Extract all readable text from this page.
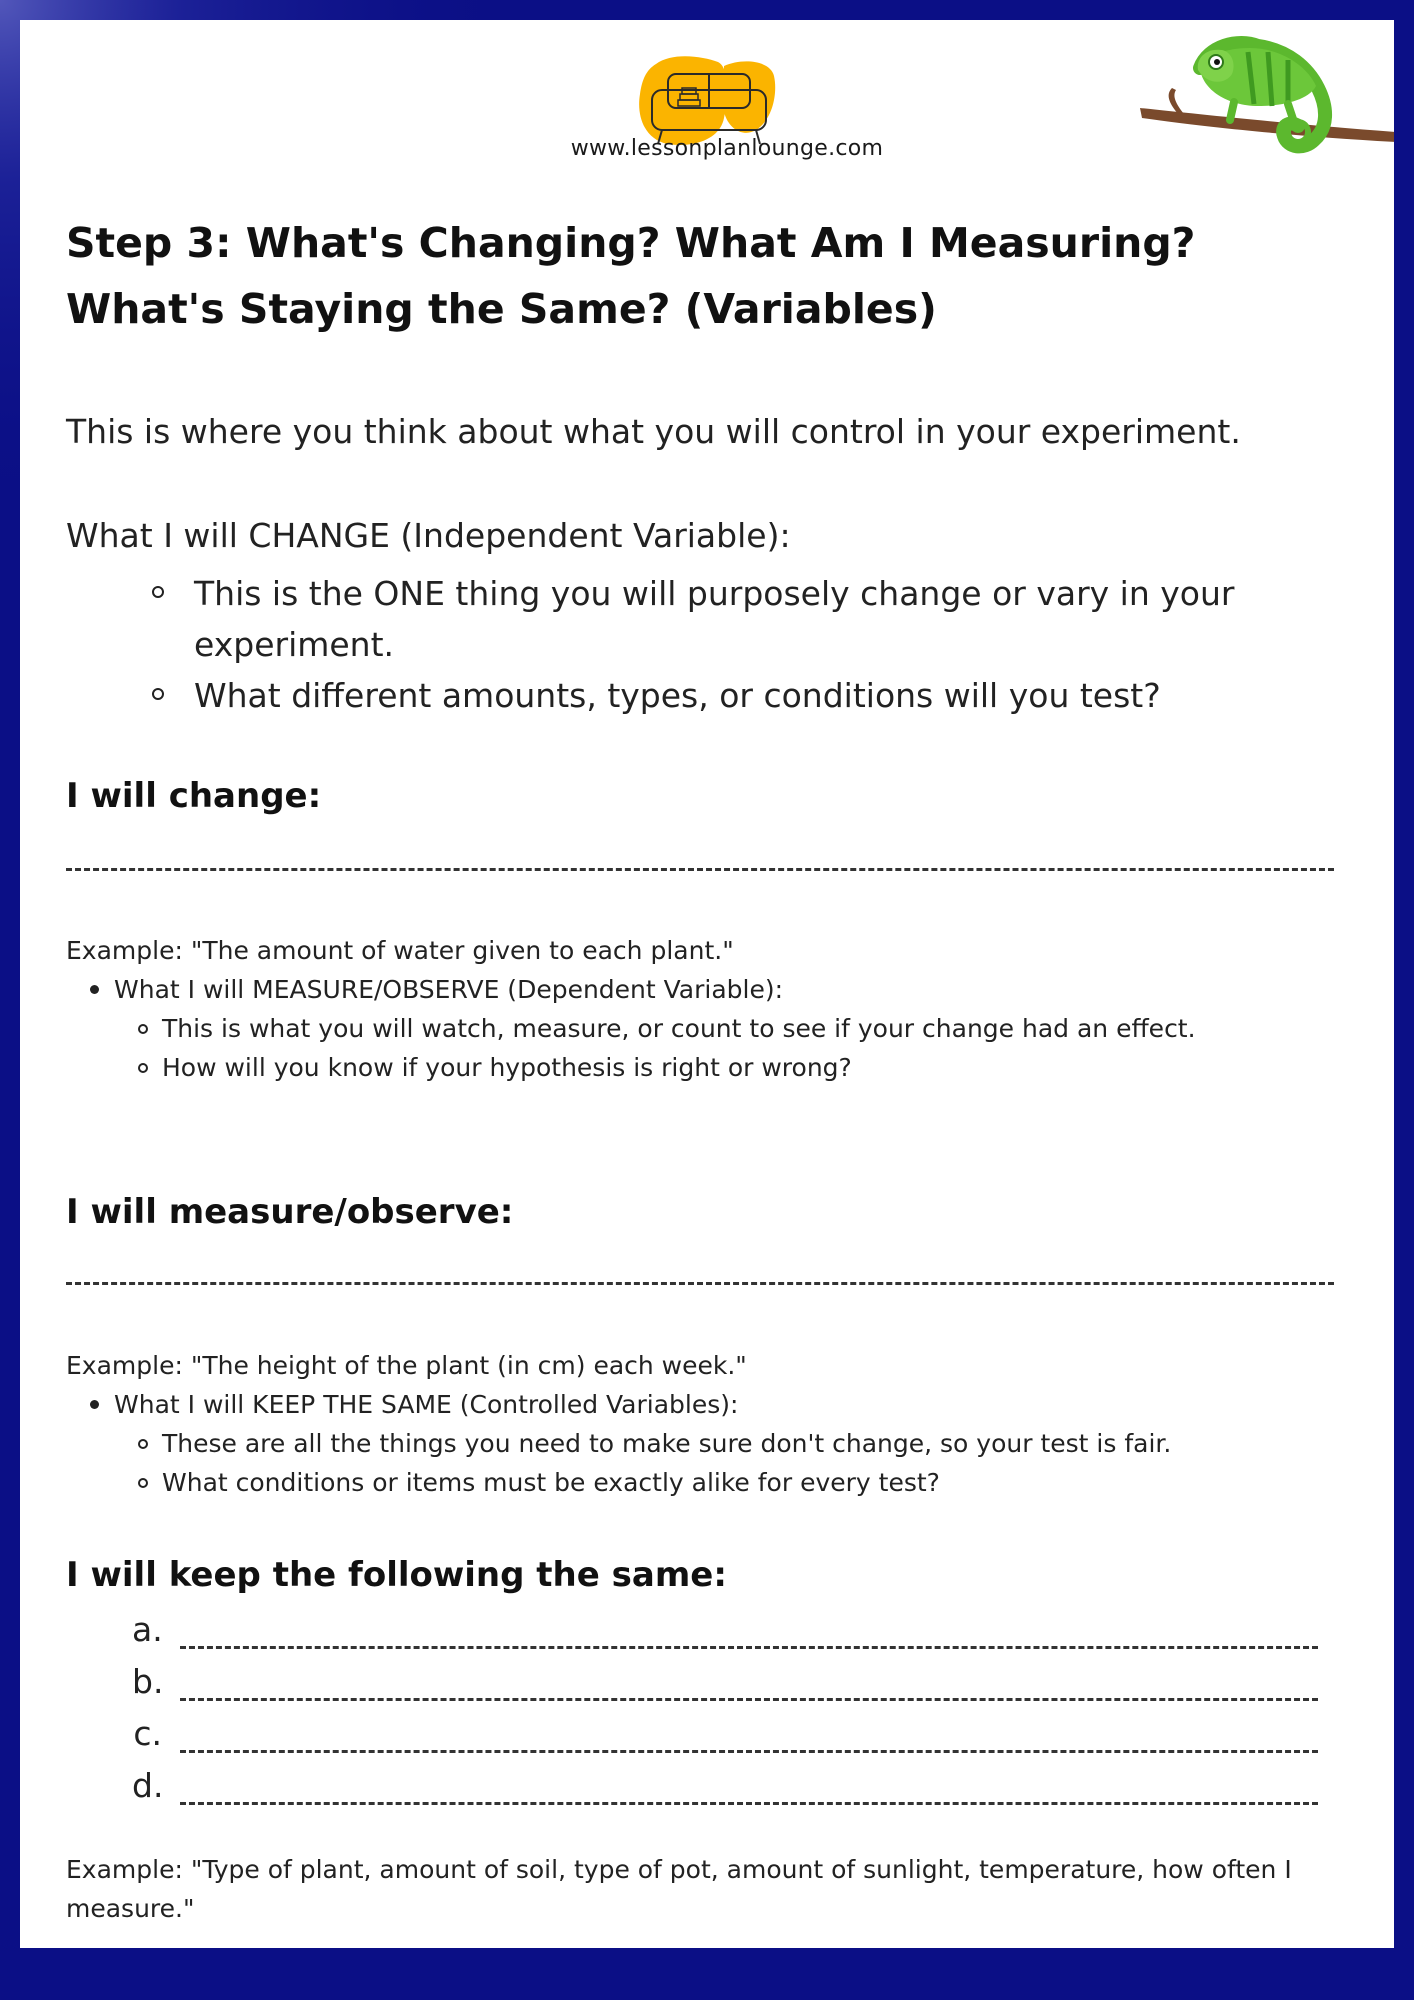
www.lessonplanlounge.com
Step 3: What's Changing? What Am I Measuring? What's Staying the Same? (Variables)

This is where you think about what you will control in your experiment.

What I will CHANGE (Independent Variable):

This is the ONE thing you will purposely change or vary in your experiment.
What different amounts, types, or conditions will you test?
I will change:

Example: "The amount of water given to each plant."

What I will MEASURE/OBSERVE (Dependent Variable):
This is what you will watch, measure, or count to see if your change had an effect.
How will you know if your hypothesis is right or wrong?
I will measure/observe:

Example: "The height of the plant (in cm) each week."

What I will KEEP THE SAME (Controlled Variables):
These are all the things you need to make sure don't change, so your test is fair.
What conditions or items must be exactly alike for every test?
I will keep the following the same:
a.
b.
c.
d.

Example: "Type of plant, amount of soil, type of pot, amount of sunlight, temperature, how often I measure."
